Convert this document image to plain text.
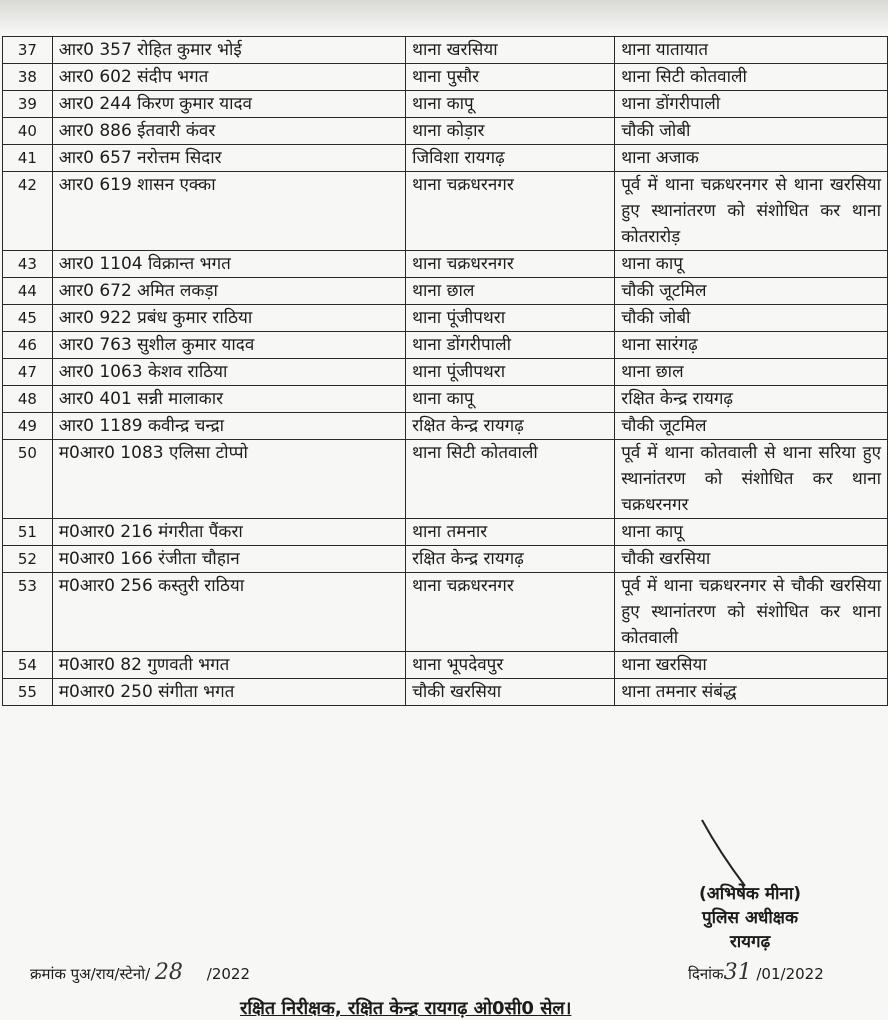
37	आर0 357 रोहित कुमार भोई	थाना खरसिया	थाना यातायात
38	आर0 602 संदीप भगत	थाना पुसौर	थाना सिटी कोतवाली
39	आर0 244 किरण कुमार यादव	थाना कापू	थाना डोंगरीपाली
40	आर0 886 ईतवारी कंवर	थाना कोड़ार	चौकी जोबी
41	आर0 657 नरोत्तम सिदार	जिविशा रायगढ़	थाना अजाक
42	आर0 619 शासन एक्का	थाना चक्रधरनगर	पूर्व में थाना चक्रधरनगर से थाना खरसिया हुए स्थानांतरण को संशोधित कर थाना कोतरारोड़
43	आर0 1104 विक्रान्त भगत	थाना चक्रधरनगर	थाना कापू
44	आर0 672 अमित लकड़ा	थाना छाल	चौकी जूटमिल
45	आर0 922 प्रबंध कुमार राठिया	थाना पूंजीपथरा	चौकी जोबी
46	आर0 763 सुशील कुमार यादव	थाना डोंगरीपाली	थाना सारंगढ़
47	आर0 1063 केशव राठिया	थाना पूंजीपथरा	थाना छाल
48	आर0 401 सन्नी मालाकार	थाना कापू	रक्षित केन्द्र रायगढ़
49	आर0 1189 कवीन्द्र चन्द्रा	रक्षित केन्द्र रायगढ़	चौकी जूटमिल
50	म0आर0 1083 एलिसा टोप्पो	थाना सिटी कोतवाली	पूर्व में थाना कोतवाली से थाना सरिया हुए स्थानांतरण को संशोधित कर थाना चक्रधरनगर
51	म0आर0 216 मंगरीता पैंकरा	थाना तमनार	थाना कापू
52	म0आर0 166 रंजीता चौहान	रक्षित केन्द्र रायगढ़	चौकी खरसिया
53	म0आर0 256 कस्तुरी राठिया	थाना चक्रधरनगर	पूर्व में थाना चक्रधरनगर से चौकी खरसिया हुए स्थानांतरण को संशोधित कर थाना कोतवाली
54	म0आर0 82 गुणवती भगत	थाना भूपदेवपुर	थाना खरसिया
55	म0आर0 250 संगीता भगत	चौकी खरसिया	थाना तमनार संबंद्ध
(अभिषेक मीना)
पुलिस अधीक्षक
रायगढ़
क्रमांक पुअ/राय/स्टेनो/ 28 /2022	दिनांक31 /01/2022
रक्षित निरीक्षक, रक्षित केन्द्र रायगढ़ ओ0सी0 सेल।
